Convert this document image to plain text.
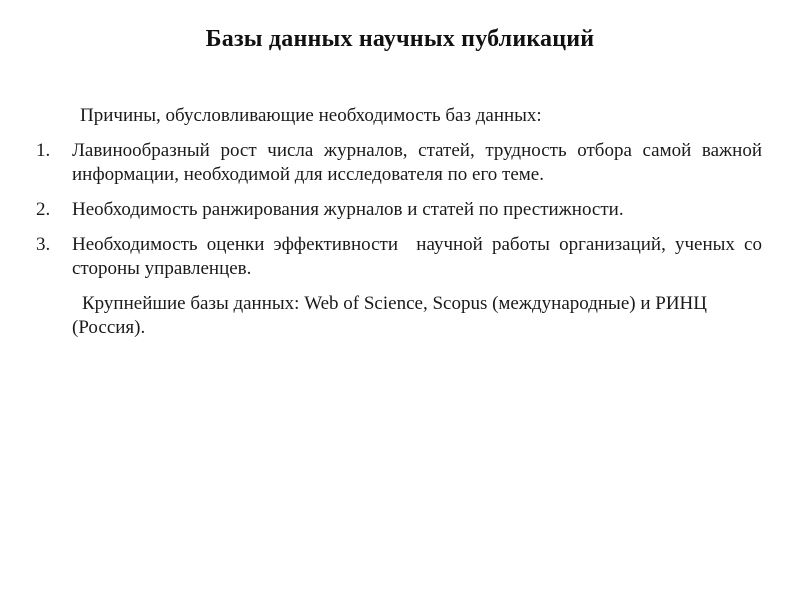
Базы данных научных публикаций

Причины, обусловливающие необходимость баз данных:

1. Лавинообразный рост числа журналов, статей, трудность отбора самой важной информации, необходимой для исследователя по его теме.
2. Необходимость ранжирования журналов и статей по престижности.
3. Необходимость оценки эффективности  научной работы организаций, ученых со стороны управленцев.

Крупнейшие базы данных: Web of Science, Scopus (международные) и РИНЦ (Россия).
